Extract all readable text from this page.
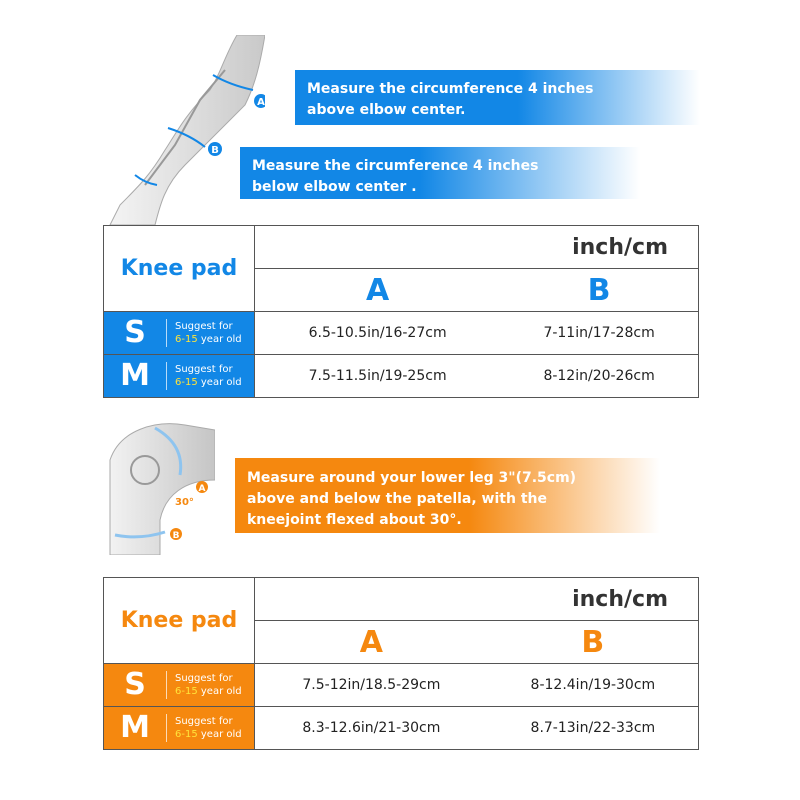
A
B
Measure the circumference 4 inches
above elbow center.
Measure the circumference 4 inches
below elbow center .
Knee pad	inch/cm	
	A	B

S Suggest for
6-15 year old	6.5-10.5in/16-27cm	7-11in/17-28cm

M Suggest for
6-15 year old	7.5-11.5in/19-25cm	8-12in/20-26cm
30°
A
B
Measure around your lower leg 3"(7.5cm)
above and below the patella, with the
kneejoint flexed about 30°.
Knee pad	inch/cm	
	A	B

S Suggest for
6-15 year old	7.5-12in/18.5-29cm	8-12.4in/19-30cm

M Suggest for
6-15 year old	8.3-12.6in/21-30cm	8.7-13in/22-33cm
